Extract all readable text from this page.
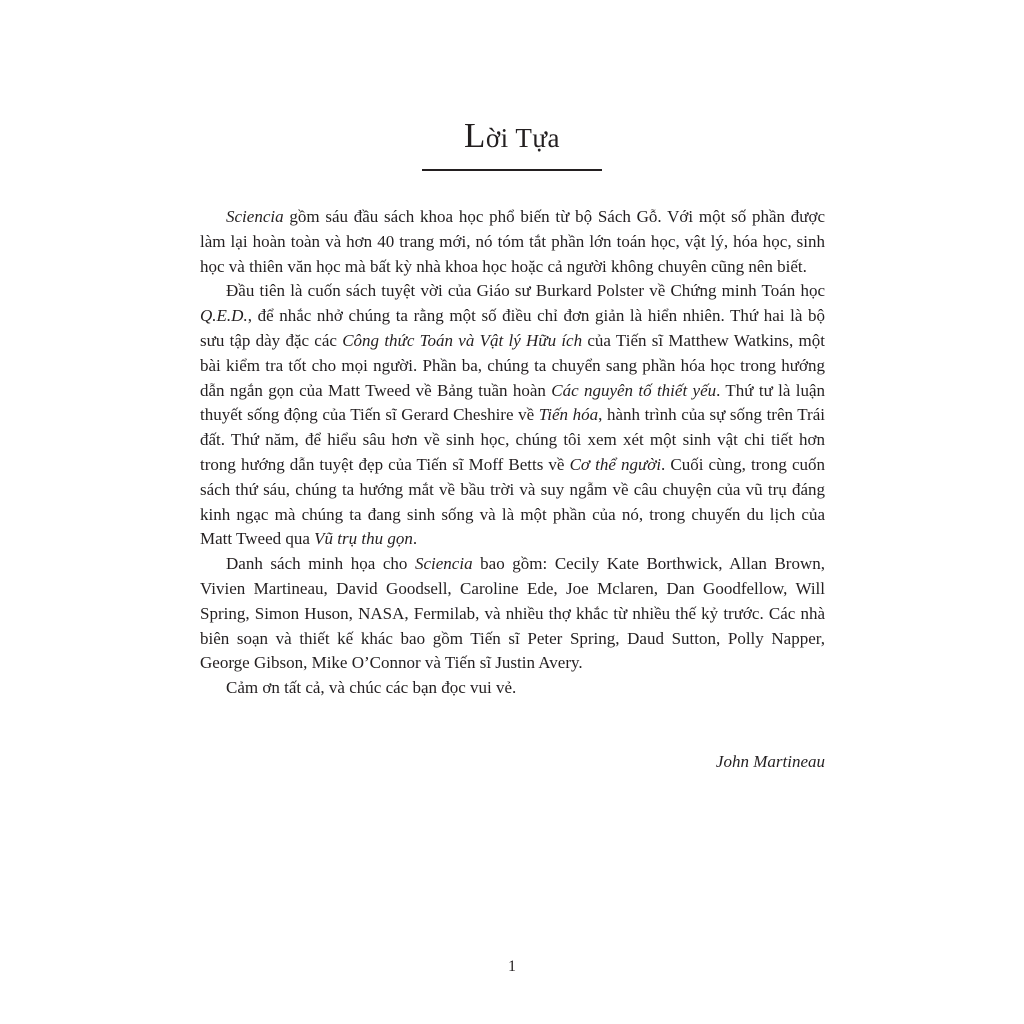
Lời Tựa

Sciencia gồm sáu đầu sách khoa học phổ biến từ bộ Sách Gỗ. Với một số phần được làm lại hoàn toàn và hơn 40 trang mới, nó tóm tắt phần lớn toán học, vật lý, hóa học, sinh học và thiên văn học mà bất kỳ nhà khoa học hoặc cả người không chuyên cũng nên biết.

Đầu tiên là cuốn sách tuyệt vời của Giáo sư Burkard Polster về Chứng minh Toán học Q.E.D., để nhắc nhở chúng ta rằng một số điều chỉ đơn giản là hiển nhiên. Thứ hai là bộ sưu tập dày đặc các Công thức Toán và Vật lý Hữu ích của Tiến sĩ Matthew Watkins, một bài kiểm tra tốt cho mọi người. Phần ba, chúng ta chuyển sang phần hóa học trong hướng dẫn ngắn gọn của Matt Tweed về Bảng tuần hoàn Các nguyên tố thiết yếu. Thứ tư là luận thuyết sống động của Tiến sĩ Gerard Cheshire về Tiến hóa, hành trình của sự sống trên Trái đất. Thứ năm, để hiểu sâu hơn về sinh học, chúng tôi xem xét một sinh vật chi tiết hơn trong hướng dẫn tuyệt đẹp của Tiến sĩ Moff Betts về Cơ thể người. Cuối cùng, trong cuốn sách thứ sáu, chúng ta hướng mắt về bầu trời và suy ngẫm về câu chuyện của vũ trụ đáng kinh ngạc mà chúng ta đang sinh sống và là một phần của nó, trong chuyến du lịch của Matt Tweed qua Vũ trụ thu gọn.

Danh sách minh họa cho Sciencia bao gồm: Cecily Kate Borthwick, Allan Brown, Vivien Martineau, David Goodsell, Caroline Ede, Joe Mclaren, Dan Goodfellow, Will Spring, Simon Huson, NASA, Fermilab, và nhiều thợ khắc từ nhiều thế kỷ trước. Các nhà biên soạn và thiết kế khác bao gồm Tiến sĩ Peter Spring, Daud Sutton, Polly Napper, George Gibson, Mike O’Connor và Tiến sĩ Justin Avery.

Cảm ơn tất cả, và chúc các bạn đọc vui vẻ.

John Martineau
1
